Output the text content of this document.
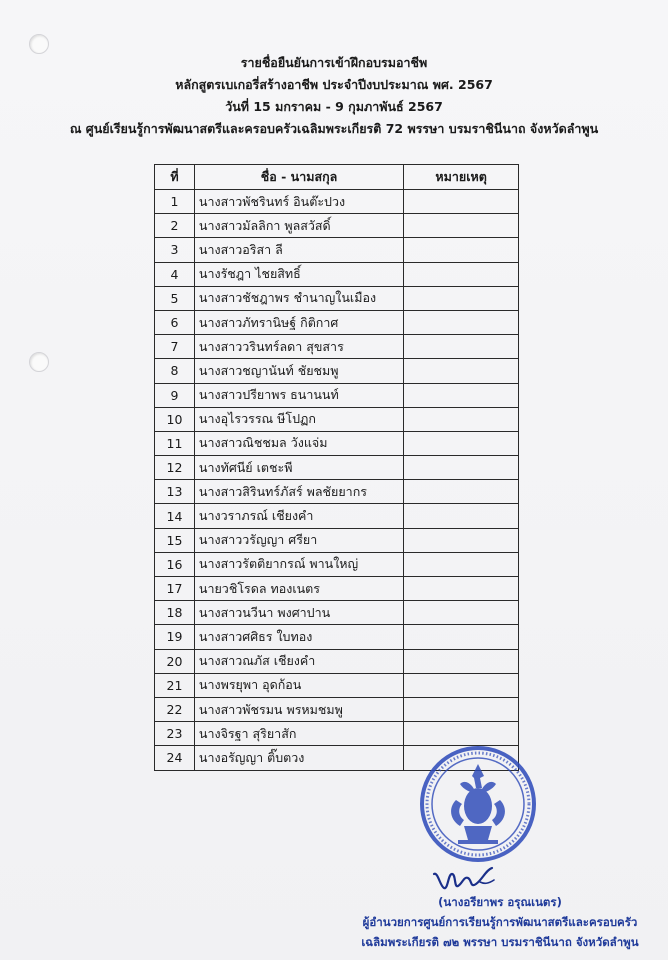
รายชื่อยืนยันการเข้าฝึกอบรมอาชีพ
หลักสูตรเบเกอรี่สร้างอาชีพ ประจำปีงบประมาณ พศ. 2567
วันที่ 15 มกราคม - 9 กุมภาพันธ์ 2567
ณ ศูนย์เรียนรู้การพัฒนาสตรีและครอบครัวเฉลิมพระเกียรติ 72 พรรษา บรมราชินีนาถ จังหวัดลำพูน
ที่	ชื่อ - นามสกุล	หมายเหตุ
1	นางสาวพัชรินทร์ อินต๊ะปวง	
2	นางสาวมัลลิกา พูลสวัสดิ์	
3	นางสาวอริสา ลี	
4	นางรัชฎา ไชยสิทธิ์	
5	นางสาวชัชฎาพร ชำนาญในเมือง	
6	นางสาวภัทรานิษฐ์ กิติกาศ	
7	นางสาววรินทร์ลดา สุขสาร	
8	นางสาวชญานันท์ ชัยชมพู	
9	นางสาวปรียาพร ธนานนท์	
10	นางอุไรวรรณ ษีโปฏก	
11	นางสาวณิชชมล วังแจ่ม	
12	นางทัศนีย์ เตชะพี	
13	นางสาวสิรินทร์ภัสร์ พลชัยยากร	
14	นางวราภรณ์ เชียงคำ	
15	นางสาววรัญญา ศรียา	
16	นางสาวรัตติยากรณ์ พานใหญ่	
17	นายวชิโรดล ทองเนตร	
18	นางสาวนวีนา พงศาปาน	
19	นางสาวศศิธร ใบทอง	
20	นางสาวณภัส เชียงคำ	
21	นางพรยุพา อุดก้อน	
22	นางสาวพัชรมน พรหมชมพู	
23	นางจิรฐา สุริยาสัก	
24	นางอรัญญา ติ๊บตวง	
(นางอรียาพร อรุณเนตร)
ผู้อำนวยการศูนย์การเรียนรู้การพัฒนาสตรีและครอบครัว
เฉลิมพระเกียรติ ๗๒ พรรษา บรมราชินีนาถ จังหวัดลำพูน
